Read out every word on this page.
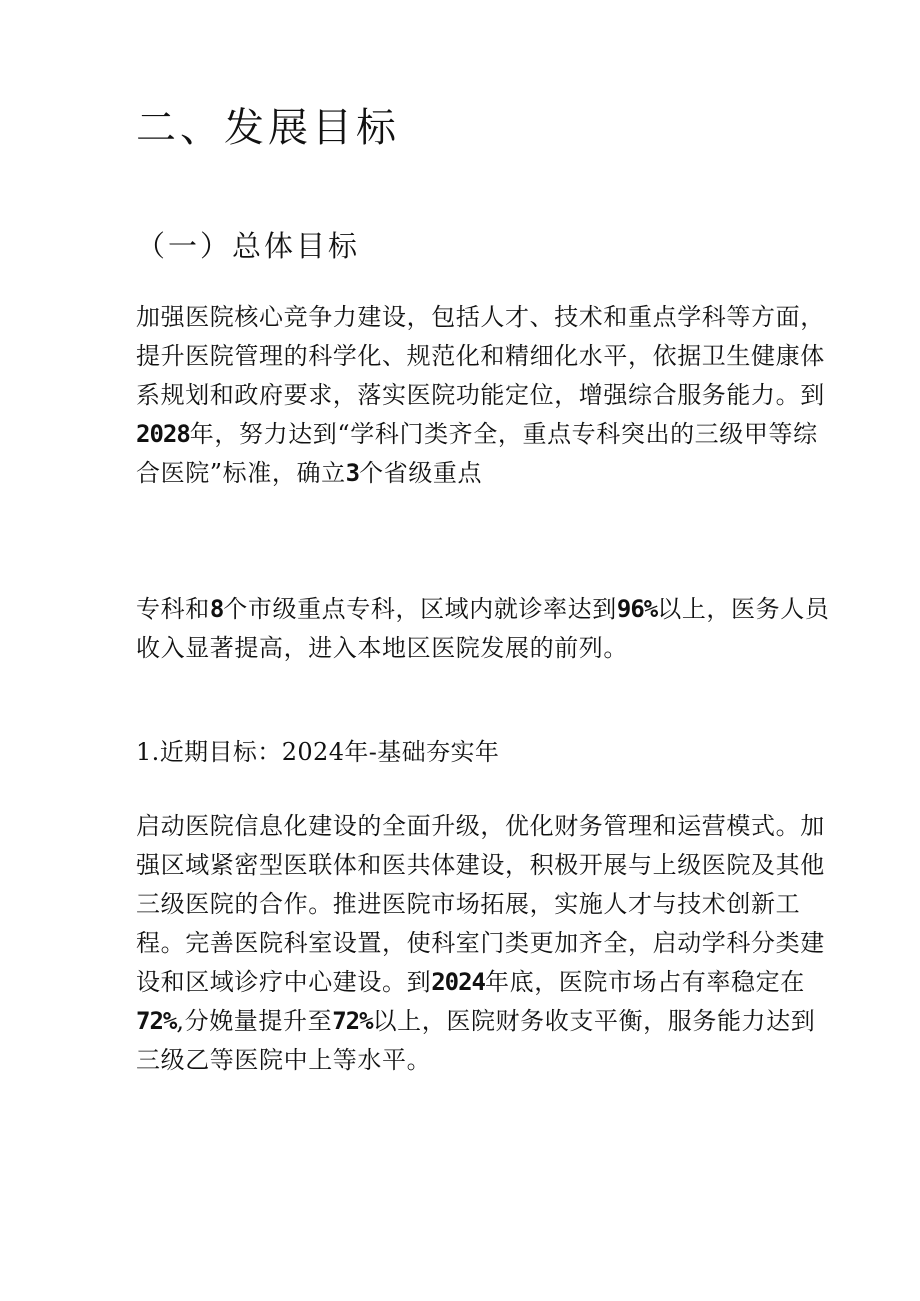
二、发展目标
（一）总体目标

加强医院核心竞争力建设，包括人才、技术和重点学科等方面，
提升医院管理的科学化、规范化和精细化水平，依据卫生健康体
系规划和政府要求，落实医院功能定位，增强综合服务能力。到
2028年，努力达到“学科门类齐全，重点专科突出的三级甲等综
合医院”标准，确立3个省级重点

专科和8个市级重点专科，区域内就诊率达到96%以上，医务人员
收入显著提高，进入本地区医院发展的前列。

1.近期目标：2024年-基础夯实年

启动医院信息化建设的全面升级，优化财务管理和运营模式。加
强区域紧密型医联体和医共体建设，积极开展与上级医院及其他
三级医院的合作。推进医院市场拓展，实施人才与技术创新工
程。完善医院科室设置，使科室门类更加齐全，启动学科分类建
设和区域诊疗中心建设。到2024年底，医院市场占有率稳定在
72%,分娩量提升至72%以上，医院财务收支平衡，服务能力达到
三级乙等医院中上等水平。
